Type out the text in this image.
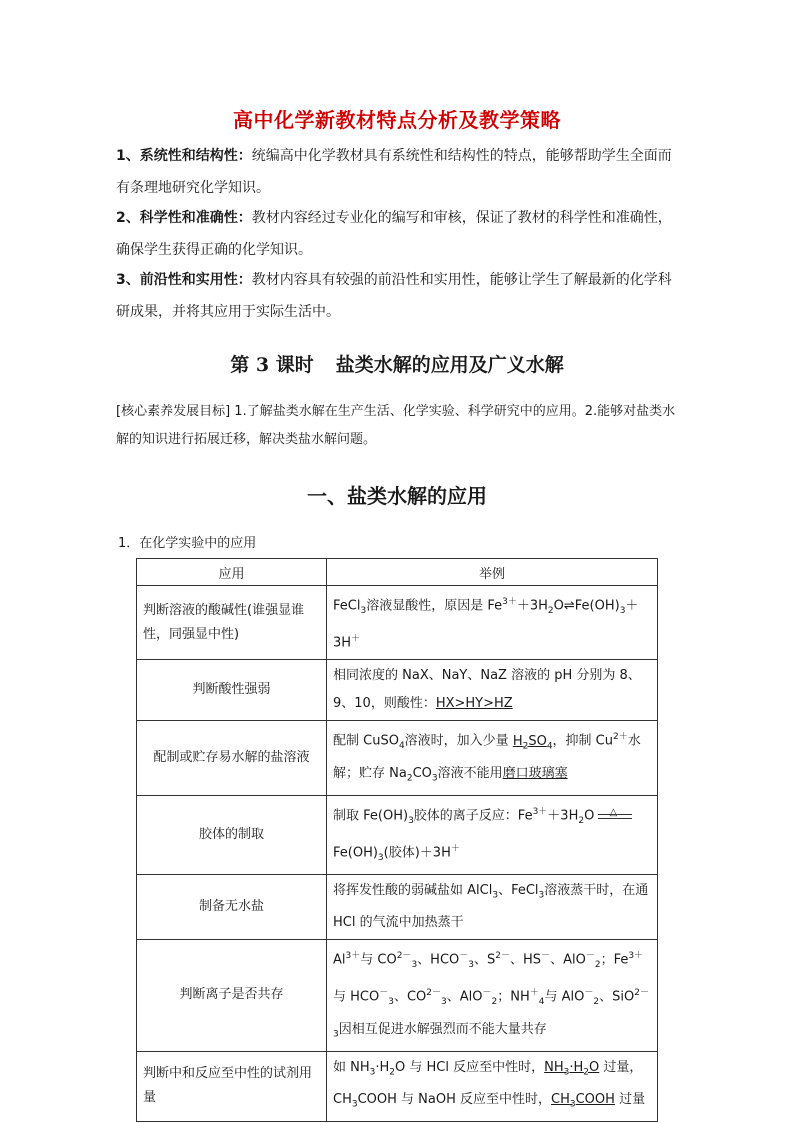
高中化学新教材特点分析及教学策略
1、系统性和结构性：统编高中化学教材具有系统性和结构性的特点，能够帮助学生全面而有条理地研究化学知识。
2、科学性和准确性：教材内容经过专业化的编写和审核，保证了教材的科学性和准确性，确保学生获得正确的化学知识。
3、前沿性和实用性：教材内容具有较强的前沿性和实用性，能够让学生了解最新的化学科研成果，并将其应用于实际生活中。
第 3 课时 盐类水解的应用及广义水解
[核心素养发展目标] 1.了解盐类水解在生产生活、化学实验、科学研究中的应用。2.能够对盐类水解的知识进行拓展迁移，解决类盐水解问题。
一、盐类水解的应用
1．在化学实验中的应用
应用	举例
判断溶液的酸碱性(谁强显谁性，同强显中性)	FeCl$_3$溶液显酸性，原因是 $Fe^{3+}+3H_2O\rightleftharpoons Fe(OH)_3+3H^+$
判断酸性强弱	相同浓度的 NaX、NaY、NaZ 溶液的 pH 分别为 8、9、10，则酸性：HX>HY>HZ
配制或贮存易水解的盐溶液	配制 CuSO$_4$溶液时，加入少量 $H_2SO_4$，抑制 $Cu^{2+}$水解；贮存 $Na_2CO_3$溶液不能用磨口玻璃塞
胶体的制取	制取 $Fe(OH)_3$胶体的离子反应：$Fe^{3+}+3H_2O$ △

$Fe(OH)_3$(胶体)＋3H＋
制备无水盐	将挥发性酸的弱碱盐如 AlCl$_3$、FeCl$_3$溶液蒸干时，在通 HCl 的气流中加热蒸干
判断离子是否共存	$Al^{3+}$与 $CO^{2-}_3$、$HCO^-_3$、$S^{2-}$、HS－、AlO－$_2$；$Fe^{3+}$与 $HCO^-_3$、$CO^{2-}_3$、AlO－$_2$；$NH^+_4$与 AlO－$_2$、SiO$^{2-}_3$因相互促进水解强烈而不能大量共存
判断中和反应至中性的试剂用量	如 $NH_3\cdot H_2O$ 与 HCl 反应至中性时，$NH_3\cdot H_2O$ 过量，$CH_3COOH$ 与 NaOH 反应至中性时，$CH_3COOH$ 过量
